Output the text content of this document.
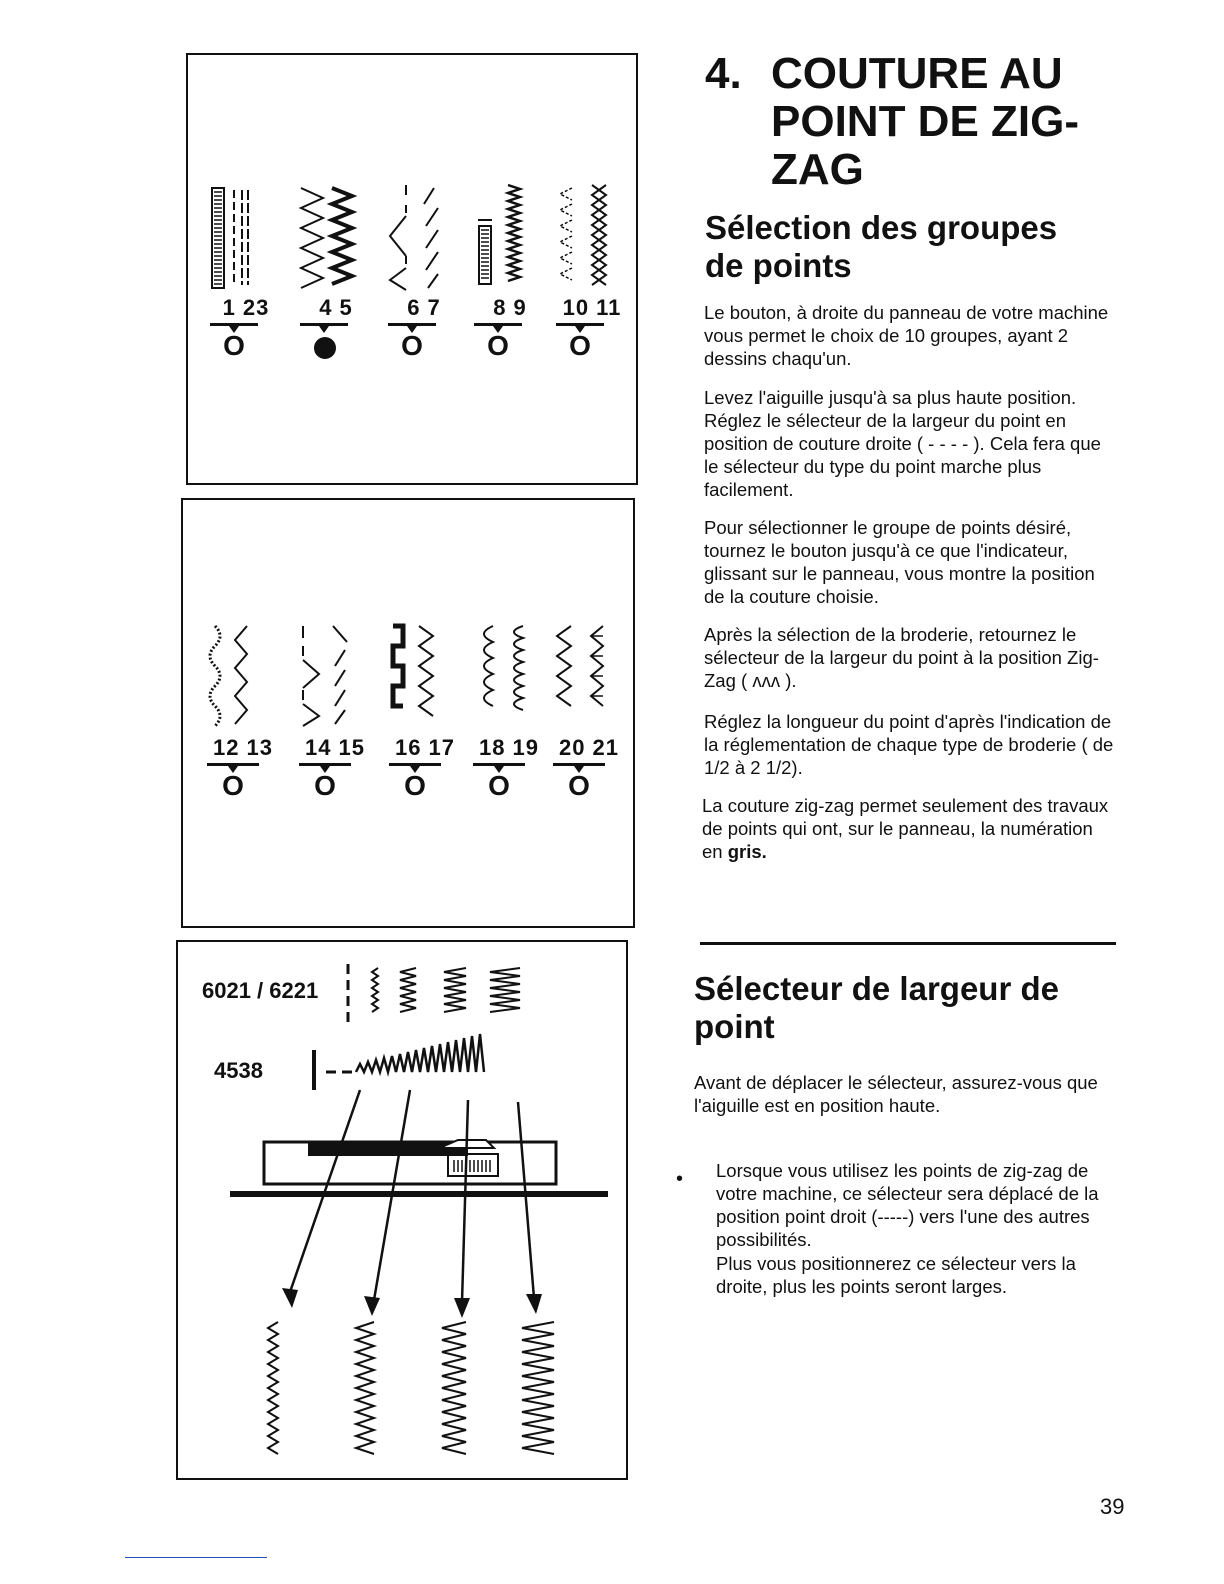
1 23
O
4 5	6 7
O
8 9
O
10 11
O
12 13
O
14 15
O
16 17
O
18 19
O
20 21
O
6021 / 6221
4538
4. COUTURE AU POINT DE ZIG-ZAG
Sélection des groupes de points

Le bouton, à droite du panneau de votre machine vous permet le choix de 10 groupes, ayant 2 dessins chaqu'un.

Levez l'aiguille jusqu'à sa plus haute position. Réglez le sélecteur de la largeur du point en position de couture droite ( - - - - ). Cela fera que le sélecteur du type du point marche plus facilement.

Pour sélectionner le groupe de points désiré, tournez le bouton jusqu'à ce que l'indicateur, glissant sur le panneau, vous montre la position de la couture choisie.

Après la sélection de la broderie, retournez le sélecteur de la largeur du point à la position Zig-Zag ( ʌʌʌ ).

Réglez la longueur du point d'après l'indication de la réglementation de chaque type de broderie ( de 1/2 à 2 1/2).

La couture zig-zag permet seulement des travaux de points qui ont, sur le panneau, la numération en gris.

Sélecteur de largeur de point

Avant de déplacer le sélecteur, assurez-vous que l'aiguille est en position haute.

• Lorsque vous utilisez les points de zig-zag de votre machine, ce sélecteur sera déplacé de la position point droit (-----) vers l'une des autres possibilités.

Plus vous positionnerez ce sélecteur vers la droite, plus les points seront larges.

39
